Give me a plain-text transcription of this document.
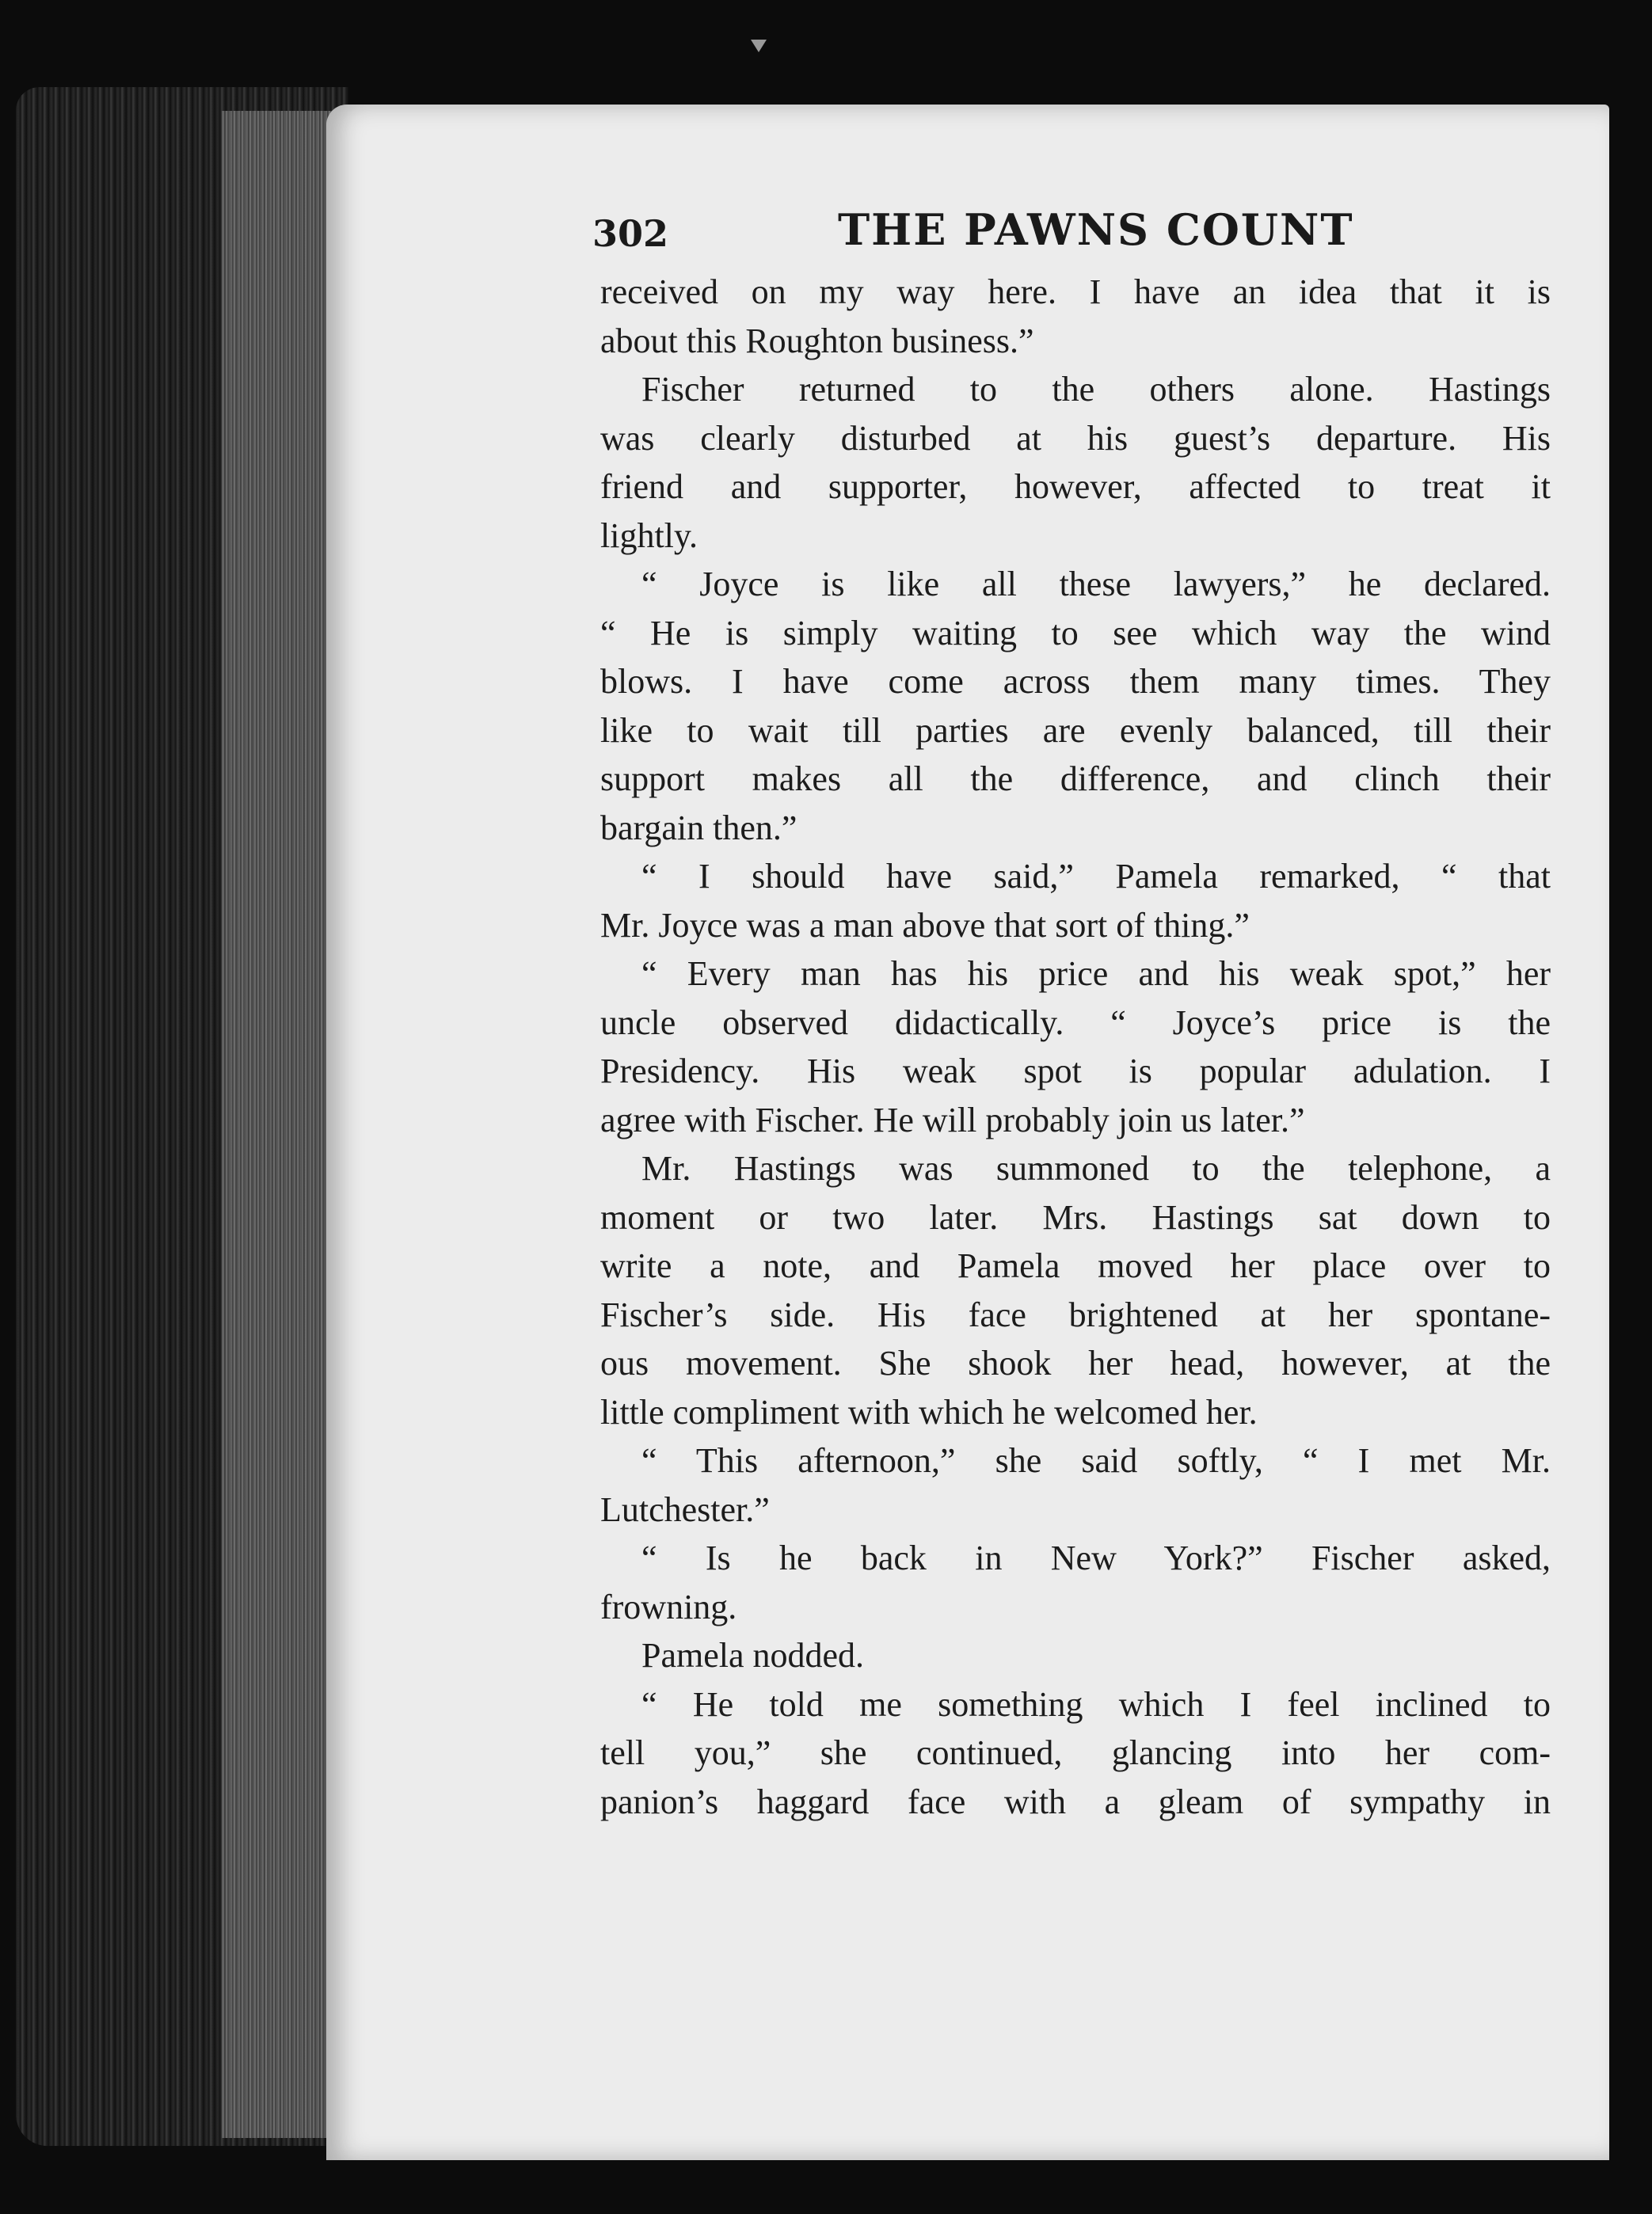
302	THE PAWNS COUNT
received on my way here. I have an idea that it is
about this Roughton business.”
Fischer returned to the others alone. Hastings
was clearly disturbed at his guest’s departure. His
friend and supporter, however, affected to treat it
lightly.
“ Joyce is like all these lawyers,” he declared.
“ He is simply waiting to see which way the wind
blows. I have come across them many times. They
like to wait till parties are evenly balanced, till their
support makes all the difference, and clinch their
bargain then.”
“ I should have said,” Pamela remarked, “ that
Mr. Joyce was a man above that sort of thing.”
“ Every man has his price and his weak spot,” her
uncle observed didactically. “ Joyce’s price is the
Presidency. His weak spot is popular adulation. I
agree with Fischer. He will probably join us later.”
Mr. Hastings was summoned to the telephone, a
moment or two later. Mrs. Hastings sat down to
write a note, and Pamela moved her place over to
Fischer’s side. His face brightened at her spontane-
ous movement. She shook her head, however, at the
little compliment with which he welcomed her.
“ This afternoon,” she said softly, “ I met Mr.
Lutchester.”
“ Is he back in New York?” Fischer asked,
frowning.
Pamela nodded.
“ He told me something which I feel inclined to
tell you,” she continued, glancing into her com-
panion’s haggard face with a gleam of sympathy in
